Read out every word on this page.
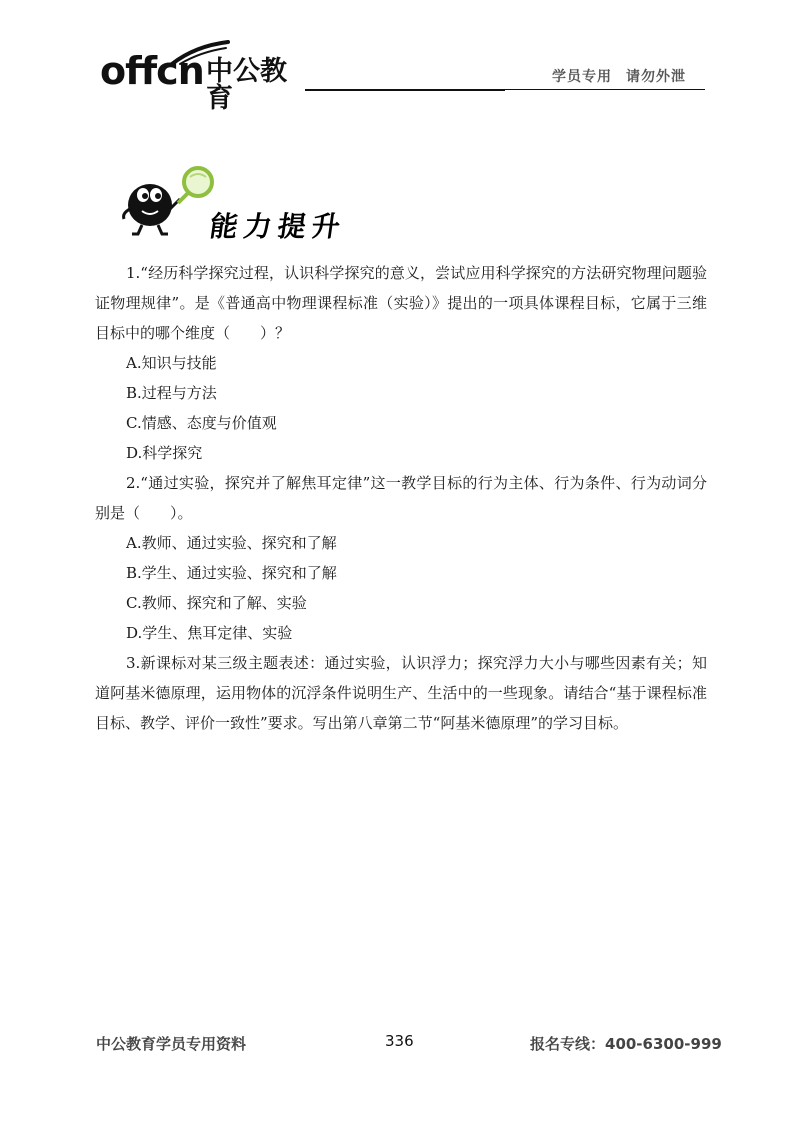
offcn 中公教育
学员专用 请勿外泄
能力提升

1.“经历科学探究过程，认识科学探究的意义，尝试应用科学探究的方法研究物理问题验证物理规律”。是《普通高中物理课程标准（实验）》提出的一项具体课程目标，它属于三维目标中的哪个维度（　　）？

A.知识与技能

B.过程与方法

C.情感、态度与价值观

D.科学探究

2.“通过实验，探究并了解焦耳定律”这一教学目标的行为主体、行为条件、行为动词分别是（　　）。

A.教师、通过实验、探究和了解

B.学生、通过实验、探究和了解

C.教师、探究和了解、实验

D.学生、焦耳定律、实验

3.新课标对某三级主题表述：通过实验，认识浮力；探究浮力大小与哪些因素有关；知道阿基米德原理，运用物体的沉浮条件说明生产、生活中的一些现象。请结合“基于课程标准目标、教学、评价一致性”要求。写出第八章第二节“阿基米德原理”的学习目标。

中公教育学员专用资料	336	报名专线：400-6300-999
